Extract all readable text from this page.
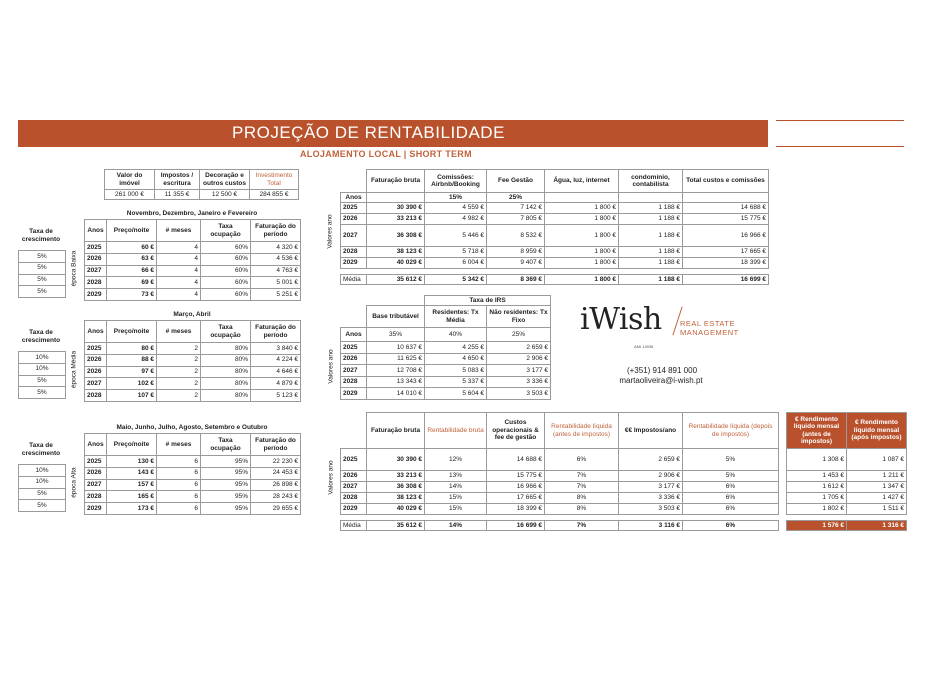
PROJEÇÃO DE RENTABILIDADE
ALOJAMENTO LOCAL | SHORT TERM
Valor do imóvel	Impostos / escritura	Decoração e outros custos	Investimento Total
261 000 €	11 355 €	12 500 €	284 855 €
Novembro, Dezembro, Janeiro e Fevereiro
Taxa de crescimento
5%
5%
5%
5%
época Baixa
Anos	Preço/noite	# meses	Taxa ocupação	Faturação do período
2025	60 €	4	60%	4 320 €
2026	63 €	4	60%	4 536 €
2027	66 €	4	60%	4 763 €
2028	69 €	4	60%	5 001 €
2029	73 €	4	60%	5 251 €
Março, Abril
Taxa de crescimento
10%
10%
5%
5%
época Média
Anos	Preço/noite	# meses	Taxa ocupação	Faturação do período
2025	80 €	2	80%	3 840 €
2026	88 €	2	80%	4 224 €
2026	97 €	2	80%	4 646 €
2027	102 €	2	80%	4 879 €
2028	107 €	2	80%	5 123 €
Maio, Junho, Julho, Agosto, Setembro e Outubro
Taxa de crescimento
10%
10%
5%
5%
época Alta
Anos	Preço/noite	# meses	Taxa ocupação	Faturação do período
2025	130 €	6	95%	22 230 €
2026	143 €	6	95%	24 453 €
2027	157 €	6	95%	26 898 €
2028	165 €	6	95%	28 243 €
2029	173 €	6	95%	29 655 €
Valores ano
	Faturação bruta	Comissões: Airbnb/Booking	Fee Gestão	Água, luz, internet	condomínio, contabilista	Total custos e comissões
Anos		15%	25%			
2025	30 390 €	4 559 €	7 142 €	1 800 €	1 188 €	14 688 €
2026	33 213 €	4 982 €	7 805 €	1 800 €	1 188 €	15 775 €
2027	36 308 €	5 446 €	8 532 €	1 800 €	1 188 €	16 966 €
2028	38 123 €	5 718 €	8 959 €	1 800 €	1 188 €	17 665 €
2029	40 029 €	6 004 €	9 407 €	1 800 €	1 188 €	18 399 €

Média	35 612 €	5 342 €	8 369 €	1 800 €	1 188 €	16 699 €
Valores ano
		Taxa de IRS	
	Base tributável	Residentes: Tx Média	Não residentes: Tx Fixo
Anos	35%	40%	25%
2025	10 637 €	4 255 €	2 659 €
2026	11 625 €	4 650 €	2 906 €
2027	12 708 €	5 083 €	3 177 €
2028	13 343 €	5 337 €	3 336 €
2029	14 010 €	5 604 €	3 503 €
iWish REAL ESTATE
MANAGEMENT
AMI 14936
(+351) 914 891 000
martaoliveira@i-wish.pt
Valores ano
	Faturação bruta	Rentabilidade bruta	Custos operacionais & fee de gestão	Rentabilidade líquida (antes de impostos)	€€ Impostos/ano	Rentabilidade líquida (depois de impostos)		€ Rendimento líquido mensal (antes de impostos)	€ Rendimento líquido mensal (após impostos)
2025	30 390 €	12%	14 688 €	6%	2 659 €	5%		1 308 €	1 087 €
2026	33 213 €	13%	15 775 €	7%	2 906 €	5%		1 453 €	1 211 €
2027	36 308 €	14%	16 966 €	7%	3 177 €	6%		1 612 €	1 347 €
2028	38 123 €	15%	17 665 €	8%	3 336 €	6%		1 705 €	1 427 €
2029	40 029 €	15%	18 399 €	8%	3 503 €	6%		1 802 €	1 511 €

Média	35 612 €	14%	16 699 €	7%	3 116 €	6%		1 576 €	1 316 €
